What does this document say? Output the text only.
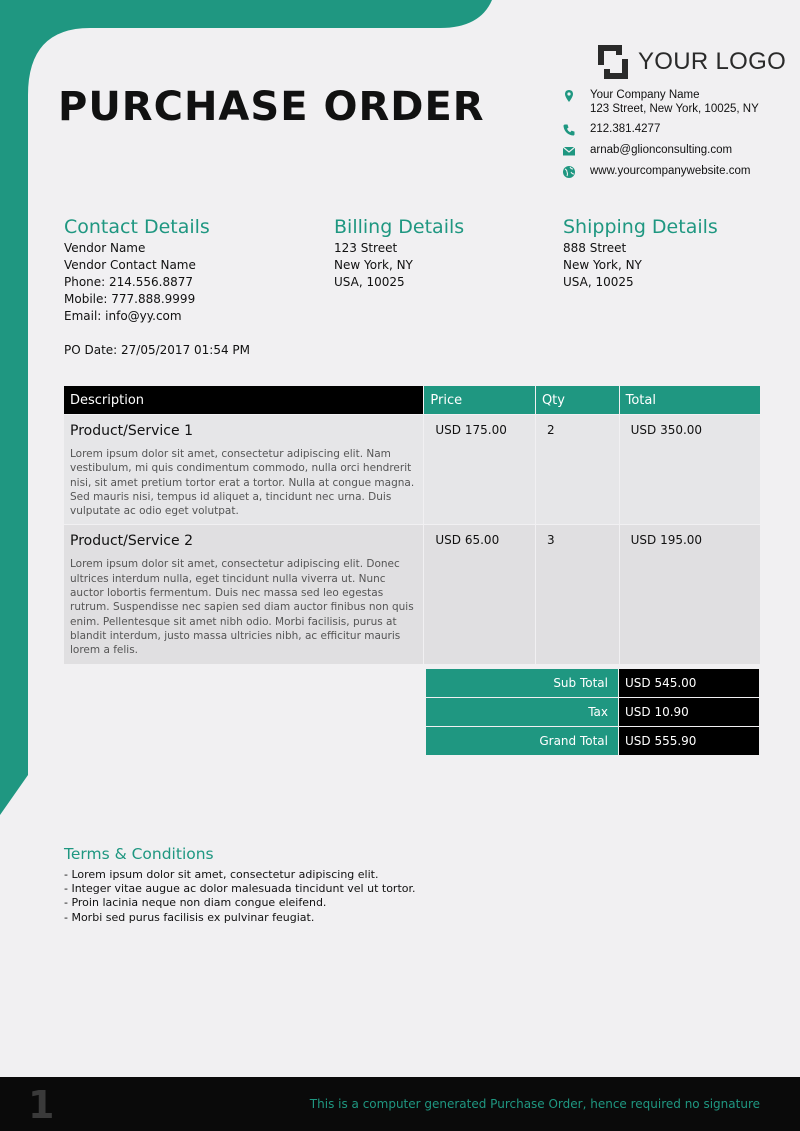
PURCHASE ORDER
YOUR LOGO
Your Company Name
123 Street, New York, 10025, NY
212.381.4277
arnab@glionconsulting.com
www.yourcompanywebsite.com
Contact Details
Vendor Name
Vendor Contact Name
Phone: 214.556.8877
Mobile: 777.888.9999
Email: info@yy.com
Billing Details
123 Street
New York, NY
USA, 10025
Shipping Details
888 Street
New York, NY
USA, 10025
PO Date: 27/05/2017 01:54 PM
Description	Price	Qty	Total
Product/Service 1
Lorem ipsum dolor sit amet, consectetur adipiscing elit. Nam vestibulum, mi quis condimentum commodo, nulla orci hendrerit nisi, sit amet pretium tortor erat a tortor. Nulla at congue magna. Sed mauris nisi, tempus id aliquet a, tincidunt nec urna. Duis vulputate ac odio eget volutpat.
USD 175.00	2	USD 350.00
Product/Service 2
Lorem ipsum dolor sit amet, consectetur adipiscing elit. Donec ultrices interdum nulla, eget tincidunt nulla viverra ut. Nunc auctor lobortis fermentum. Duis nec massa sed leo egestas rutrum. Suspendisse nec sapien sed diam auctor finibus non quis enim. Pellentesque sit amet nibh odio. Morbi facilisis, purus at blandit interdum, justo massa ultricies nibh, ac efficitur mauris lorem a felis.
USD 65.00	3	USD 195.00
Sub Total	USD 545.00
Tax	USD 10.90
Grand Total	USD 555.90
Terms & Conditions
- Lorem ipsum dolor sit amet, consectetur adipiscing elit.
- Integer vitae augue ac dolor malesuada tincidunt vel ut tortor.
- Proin lacinia neque non diam congue eleifend.
- Morbi sed purus facilisis ex pulvinar feugiat.
1	This is a computer generated Purchase Order, hence required no signature
